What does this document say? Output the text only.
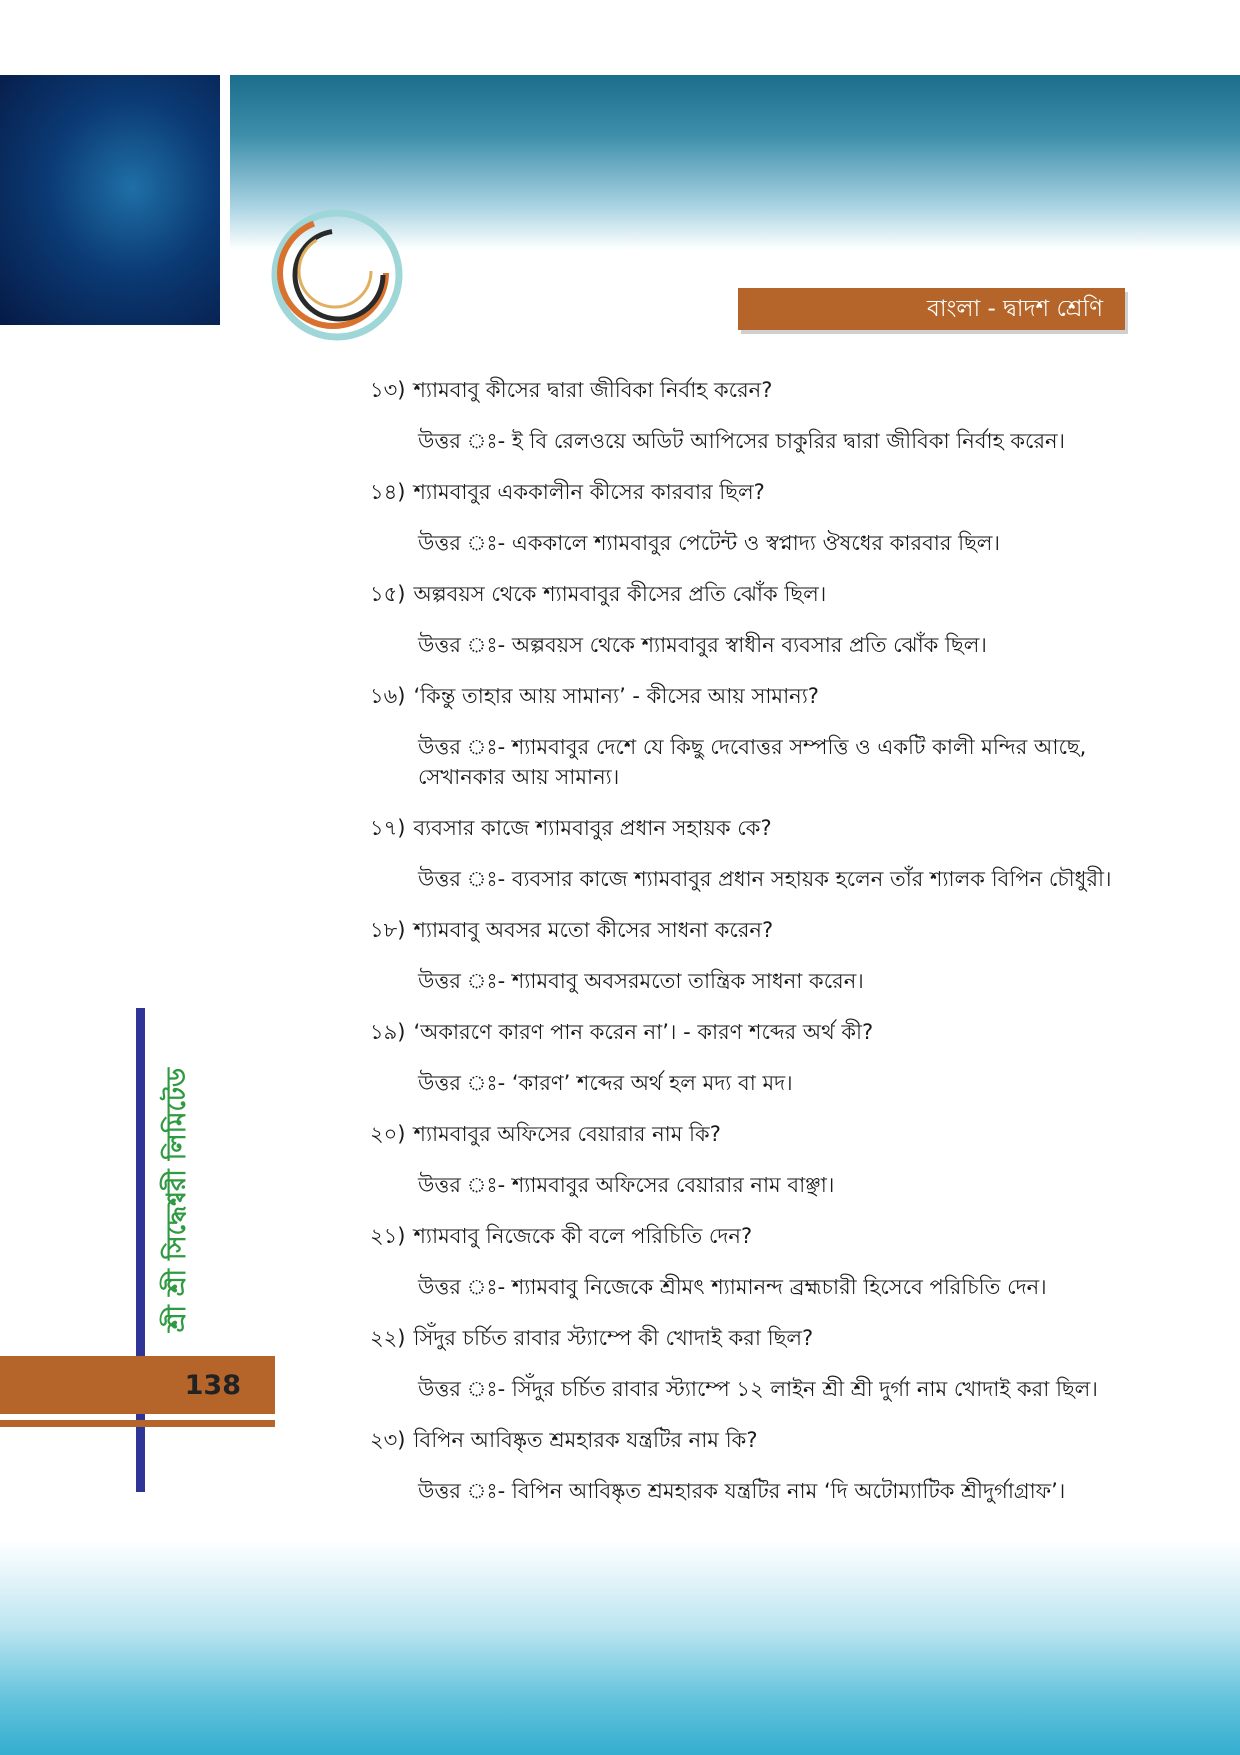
বাংলা - দ্বাদশ শ্রেণি
শ্রী শ্রী সিদ্ধেশ্বরী লিমিটেড
138
১৩) শ্যামবাবু কীসের দ্বারা জীবিকা নির্বাহ করেন?
উত্তর ঃ- ই বি রেলওয়ে অডিট আপিসের চাকুরির দ্বারা জীবিকা নির্বাহ করেন।
১৪) শ্যামবাবুর এককালীন কীসের কারবার ছিল?
উত্তর ঃ- এককালে শ্যামবাবুর পেটেন্ট ও স্বপ্নাদ্য ঔষধের কারবার ছিল।
১৫) অল্পবয়স থেকে শ্যামবাবুর কীসের প্রতি ঝোঁক ছিল।
উত্তর ঃ- অল্পবয়স থেকে শ্যামবাবুর স্বাধীন ব্যবসার প্রতি ঝোঁক ছিল।
১৬) ‘কিন্তু তাহার আয় সামান্য’ - কীসের আয় সামান্য?
উত্তর ঃ- শ্যামবাবুর দেশে যে কিছু দেবোত্তর সম্পত্তি ও একটি কালী মন্দির আছে, সেখানকার আয় সামান্য।
১৭) ব্যবসার কাজে শ্যামবাবুর প্রধান সহায়ক কে?
উত্তর ঃ- ব্যবসার কাজে শ্যামবাবুর প্রধান সহায়ক হলেন তাঁর শ্যালক বিপিন চৌধুরী।
১৮) শ্যামবাবু অবসর মতো কীসের সাধনা করেন?
উত্তর ঃ- শ্যামবাবু অবসরমতো তান্ত্রিক সাধনা করেন।
১৯) ‘অকারণে কারণ পান করেন না’। - কারণ শব্দের অর্থ কী?
উত্তর ঃ- ‘কারণ’ শব্দের অর্থ হল মদ্য বা মদ।
২০) শ্যামবাবুর অফিসের বেয়ারার নাম কি?
উত্তর ঃ- শ্যামবাবুর অফিসের বেয়ারার নাম বাঞ্ছা।
২১) শ্যামবাবু নিজেকে কী বলে পরিচিতি দেন?
উত্তর ঃ- শ্যামবাবু নিজেকে শ্রীমৎ শ্যামানন্দ ব্রহ্মচারী হিসেবে পরিচিতি দেন।
২২) সিঁদুর চর্চিত রাবার স্ট্যাম্পে কী খোদাই করা ছিল?
উত্তর ঃ- সিঁদুর চর্চিত রাবার স্ট্যাম্পে ১২ লাইন শ্রী শ্রী দুর্গা নাম খোদাই করা ছিল।
২৩) বিপিন আবিষ্কৃত শ্রমহারক যন্ত্রটির নাম কি?
উত্তর ঃ- বিপিন আবিষ্কৃত শ্রমহারক যন্ত্রটির নাম ‘দি অটোম্যাটিক শ্রীদুর্গাগ্রাফ’।
